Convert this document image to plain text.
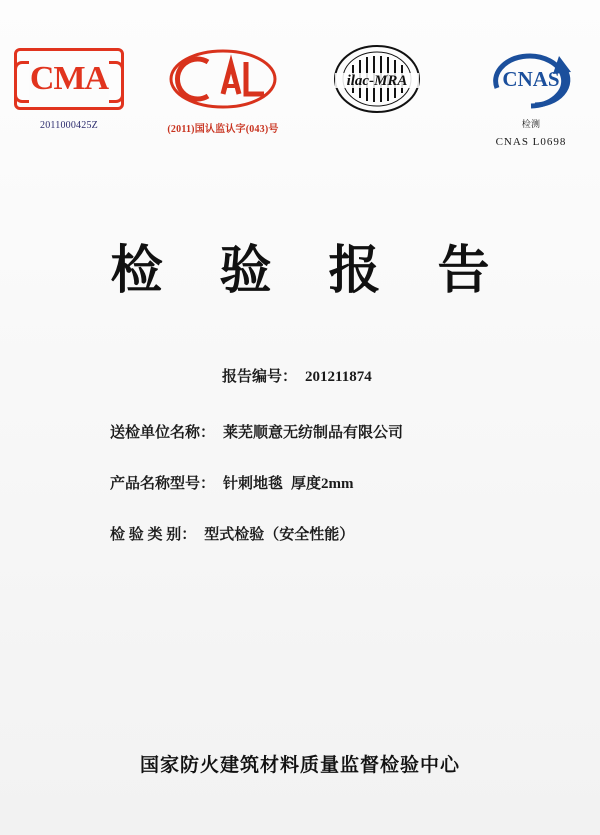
CMA
2011000425Z	(2011)国认监认字(043)号
ilac-MRA	CNAS
检测
CNAS L0698
检 验 报 告
报告编号： 201211874
送检单位名称： 莱芜顺意无纺制品有限公司
产品名称型号： 针刺地毯 厚度2mm
检 验 类 别： 型式检验（安全性能）
国家防火建筑材料质量监督检验中心
